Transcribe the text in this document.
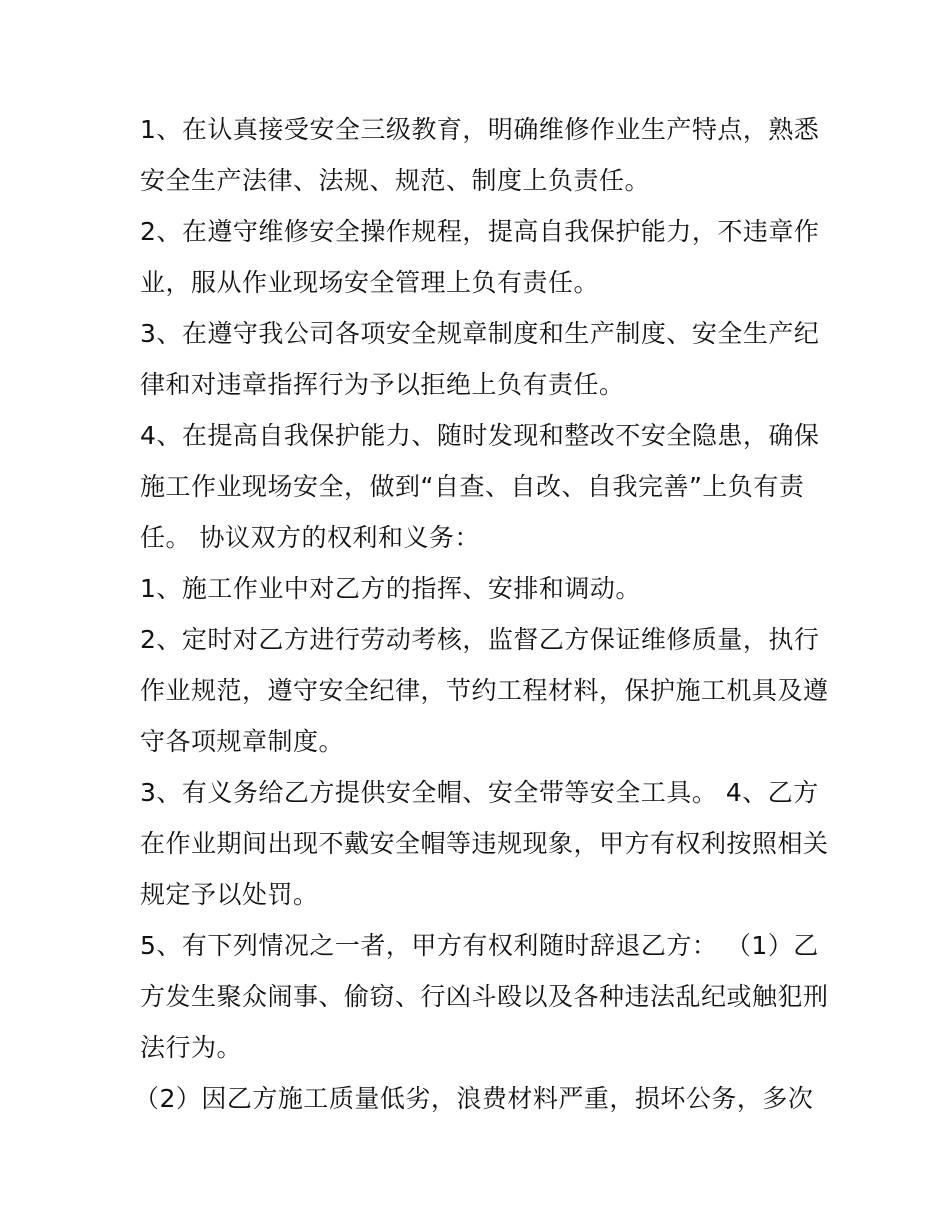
1、在认真接受安全三级教育，明确维修作业生产特点，熟悉
安全生产法律、法规、规范、制度上负责任。
2、在遵守维修安全操作规程，提高自我保护能力，不违章作
业，服从作业现场安全管理上负有责任。
3、在遵守我公司各项安全规章制度和生产制度、安全生产纪
律和对违章指挥行为予以拒绝上负有责任。
4、在提高自我保护能力、随时发现和整改不安全隐患，确保
施工作业现场安全，做到“自查、自改、自我完善”上负有责
任。 协议双方的权利和义务：
1、施工作业中对乙方的指挥、安排和调动。
2、定时对乙方进行劳动考核，监督乙方保证维修质量，执行
作业规范，遵守安全纪律，节约工程材料，保护施工机具及遵
守各项规章制度。
3、有义务给乙方提供安全帽、安全带等安全工具。 4、乙方
在作业期间出现不戴安全帽等违规现象，甲方有权利按照相关
规定予以处罚。
5、有下列情况之一者，甲方有权利随时辞退乙方： （1）乙
方发生聚众闹事、偷窃、行凶斗殴以及各种违法乱纪或触犯刑
法行为。
（2）因乙方施工质量低劣，浪费材料严重，损坏公务，多次
